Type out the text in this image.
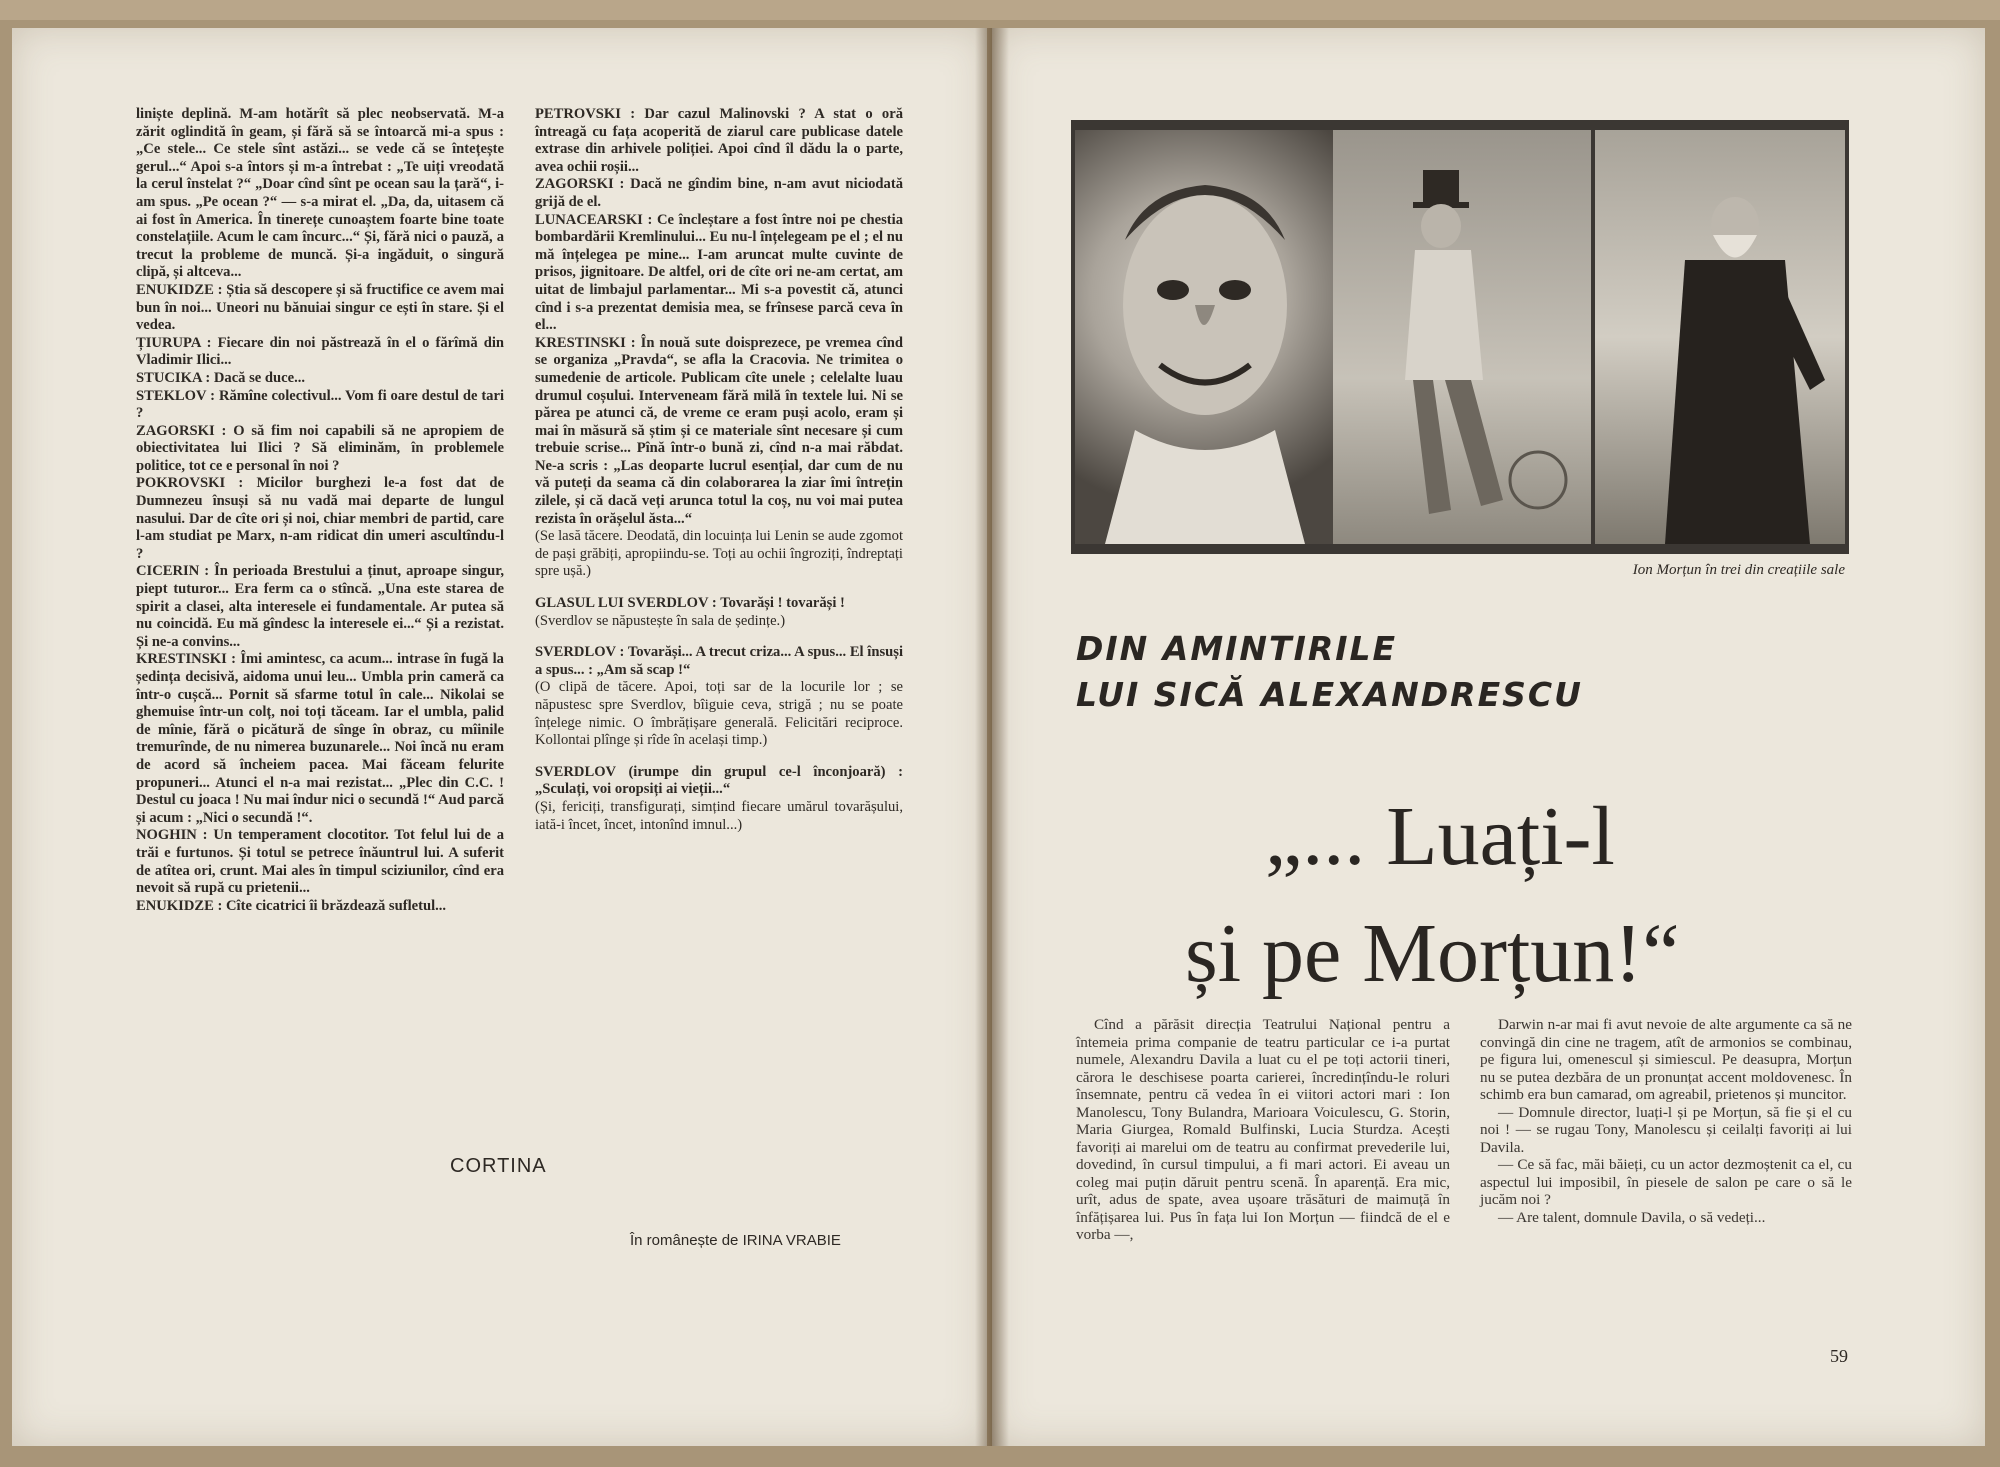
liniște deplină. M-am hotărît să plec neobservată. M-a zărit oglindită în geam, și fără să se întoarcă mi-a spus : „Ce stele... Ce stele sînt astăzi... se vede că se întețește gerul...“ Apoi s-a întors și m-a întrebat : „Te uiți vreodată la cerul înstelat ?“ „Doar cînd sînt pe ocean sau la țară“, i-am spus. „Pe ocean ?“ — s-a mirat el. „Da, da, uitasem că ai fost în America. În tinerețe cunoaștem foarte bine toate constelațiile. Acum le cam încurc...“ Și, fără nici o pauză, a trecut la probleme de muncă. Și-a ingăduit, o singură clipă, și altceva...

ENUKIDZE : Știa să descopere și să fructifice ce avem mai bun în noi... Uneori nu bănuiai singur ce ești în stare. Și el vedea.

ȚIURUPA : Fiecare din noi păstrează în el o fărîmă din Vladimir Ilici...

STUCIKA : Dacă se duce...

STEKLOV : Rămîne colectivul... Vom fi oare destul de tari ?

ZAGORSKI : O să fim noi capabili să ne apropiem de obiectivitatea lui Ilici ? Să eliminăm, în problemele politice, tot ce e personal în noi ?

POKROVSKI : Micilor burghezi le-a fost dat de Dumnezeu însuși să nu vadă mai departe de lungul nasului. Dar de cîte ori și noi, chiar membri de partid, care l-am studiat pe Marx, n-am ridicat din umeri ascultîndu-l ?

CICERIN : În perioada Brestului a ținut, aproape singur, piept tuturor... Era ferm ca o stîncă. „Una este starea de spirit a clasei, alta interesele ei fundamentale. Ar putea să nu coincidă. Eu mă gîndesc la interesele ei...“ Și a rezistat. Și ne-a convins...

KRESTINSKI : Îmi amintesc, ca acum... intrase în fugă la ședința decisivă, aidoma unui leu... Umbla prin cameră ca într-o cușcă... Pornit să sfarme totul în cale... Nikolai se ghemuise într-un colț, noi toți tăceam. Iar el umbla, palid de mînie, fără o picătură de sînge în obraz, cu mîinile tremurînde, de nu nimerea buzunarele... Noi încă nu eram de acord să încheiem pacea. Mai făceam felurite propuneri... Atunci el n-a mai rezistat... „Plec din C.C. ! Destul cu joaca ! Nu mai îndur nici o secundă !“ Aud parcă și acum : „Nici o secundă !“.

NOGHIN : Un temperament clocotitor. Tot felul lui de a trăi e furtunos. Și totul se petrece înăuntrul lui. A suferit de atîtea ori, crunt. Mai ales în timpul sciziunilor, cînd era nevoit să rupă cu prietenii...

ENUKIDZE : Cîte cicatrici îi brăzdează sufletul...

PETROVSKI : Dar cazul Malinovski ? A stat o oră întreagă cu fața acoperită de ziarul care publicase datele extrase din arhivele poliției. Apoi cînd îl dădu la o parte, avea ochii roșii...

ZAGORSKI : Dacă ne gîndim bine, n-am avut niciodată grijă de el.

LUNACEARSKI : Ce încleștare a fost între noi pe chestia bombardării Kremlinului... Eu nu-l înțelegeam pe el ; el nu mă înțelegea pe mine... I-am aruncat multe cuvinte de prisos, jignitoare. De altfel, ori de cîte ori ne-am certat, am uitat de limbajul parlamentar... Mi s-a povestit că, atunci cînd i s-a prezentat demisia mea, se frînsese parcă ceva în el...

KRESTINSKI : În nouă sute doisprezece, pe vremea cînd se organiza „Pravda“, se afla la Cracovia. Ne trimitea o sumedenie de articole. Publicam cîte unele ; celelalte luau drumul coșului. Interveneam fără milă în textele lui. Ni se părea pe atunci că, de vreme ce eram puși acolo, eram și mai în măsură să știm și ce materiale sînt necesare și cum trebuie scrise... Pînă într-o bună zi, cînd n-a mai răbdat. Ne-a scris : „Las deoparte lucrul esențial, dar cum de nu vă puteți da seama că din colaborarea la ziar îmi întrețin zilele, și că dacă veți arunca totul la coș, nu voi mai putea rezista în orășelul ăsta...“

(Se lasă tăcere. Deodată, din locuința lui Lenin se aude zgomot de pași grăbiți, apropiindu-se. Toți au ochii îngroziți, îndreptați spre ușă.)

GLASUL LUI SVERDLOV : Tovarăși ! tovarăși !

(Sverdlov se năpustește în sala de ședințe.)

SVERDLOV : Tovarăși... A trecut criza... A spus... El însuși a spus... : „Am să scap !“

(O clipă de tăcere. Apoi, toți sar de la locurile lor ; se năpustesc spre Sverdlov, bîiguie ceva, strigă ; nu se poate înțelege nimic. O îmbrățișare generală. Felicitări reciproce. Kollontai plînge și rîde în același timp.)

SVERDLOV (irumpe din grupul ce-l înconjoară) : „Sculați, voi oropsiți ai vieții...“

(Și, fericiți, transfigurați, simțind fiecare umărul tovarășului, iată-i încet, încet, intonînd imnul...)

CORTINA
În românește de IRINA VRABIE
Ion Morțun în trei din creațiile sale
DIN AMINTIRILE
LUI SICĂ ALEXANDRESCU
„... Luați-l
și pe Morțun!“

Cînd a părăsit direcția Teatrului Național pentru a întemeia prima companie de teatru particular ce i-a purtat numele, Alexandru Davila a luat cu el pe toți actorii tineri, cărora le deschisese poarta carierei, încredințîndu-le roluri însemnate, pentru că vedea în ei viitori actori mari : Ion Manolescu, Tony Bulandra, Marioara Voiculescu, G. Storin, Maria Giurgea, Romald Bulfinski, Lucia Sturdza. Acești favoriți ai marelui om de teatru au confirmat prevederile lui, dovedind, în cursul timpului, a fi mari actori. Ei aveau un coleg mai puțin dăruit pentru scenă. În aparență. Era mic, urît, adus de spate, avea ușoare trăsături de maimuță în înfățișarea lui. Pus în fața lui Ion Morțun — fiindcă de el e vorba —,

Darwin n-ar mai fi avut nevoie de alte argumente ca să ne convingă din cine ne tragem, atît de armonios se combinau, pe figura lui, omenescul și simiescul. Pe deasupra, Morțun nu se putea dezbăra de un pronunțat accent moldovenesc. În schimb era bun camarad, om agreabil, prietenos și muncitor.

— Domnule director, luați-l și pe Morțun, să fie și el cu noi ! — se rugau Tony, Manolescu și ceilalți favoriți ai lui Davila.

— Ce să fac, măi băieți, cu un actor dezmoștenit ca el, cu aspectul lui imposibil, în piesele de salon pe care o să le jucăm noi ?

— Are talent, domnule Davila, o să vedeți...

59
